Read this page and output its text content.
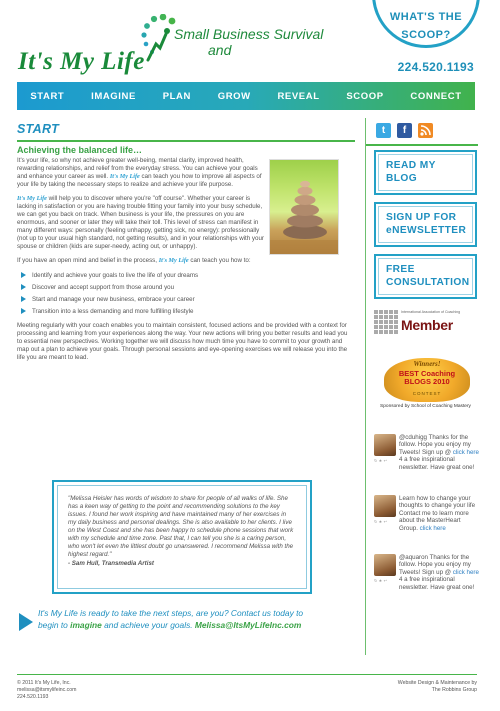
It's My Life
Small Business Survival
and
WHAT'S THE SCOOP?
224.520.1193
START	IMAGINE	PLAN	GROW	REVEAL	SCOOP	CONNECT
START
Achieving the balanced life…

It's your life, so why not achieve greater well-being, mental clarity, improved health, rewarding relationships, and relief from the everyday stress. You can achieve your goals and enhance your career as well. It's My Life can teach you how to improve all aspects of your life by taking the necessary steps to realize and achieve your life purpose.

It's My Life will help you to discover where you're "off course". Whether your career is lacking in satisfaction or you are having trouble fitting your family into your busy schedule, we can get you back on track. When business is your life, the pressures on you are enormous, and sooner or later they will take their toll. This level of stress can manifest in many different ways: personally (feeling unhappy, getting sick, no energy): professionally (not up to your usual high standard, not getting results), and in your relationships with your spouse or children (kids are super-needy, acting out, or unhappy).

If you have an open mind and belief in the process, It's My Life can teach you how to:

Identify and achieve your goals to live the life of your dreams
Discover and accept support from those around you
Start and manage your new business, embrace your career
Transition into a less demanding and more fulfilling lifestyle

Meeting regularly with your coach enables you to maintain consistent, focused actions and be provided with a context for processing and learning from your experiences along the way. Your new actions will bring you better results and lead you to essential new perspectives. Working together we will discuss how much time you have to commit to your growth and map out a plan to achieve your goals. Through personal sessions and eye-opening exercises we will release you into the life you are meant to lead.

"Melissa Heisler has words of wisdom to share for people of all walks of life. She has a keen way of getting to the point and recommending solutions to the key issues. I found her work inspiring and have maintained many of her exercises in my daily business and personal dealings. She is also available to her clients. I live on the West Coast and she has been happy to schedule phone sessions that work with my schedule and time zone. Past that, I can tell you she is a caring person, who won't let even the littlest doubt go unanswered. I recommend Melissa with the highest regard."
- Sam Hull, Transmedia Artist
It's My Life is ready to take the next steps, are you? Contact us today to
begin to imagine and achieve your goals. Melissa@ItsMyLifeInc.com
t	f
READ MY BLOG
SIGN UP FOR eNEWSLETTER
FREE CONSULTATION
International Association of Coaching
Member
Winners!
BEST Coaching BLOGS 2010
CONTEST
Sponsored by School of Coaching Mastery
↻ ★ ↩
@cduhigg Thanks for the follow. Hope you enjoy my Tweets! Sign up @ click here 4 a free inspirational newsletter. Have great one!
↻ ★ ↩
Learn how to change your thoughts to change your life Contact me to learn more about the MasterHeart Group. click here
↻ ★ ↩
@aquaron Thanks for the follow. Hope you enjoy my Tweets! Sign up @ click here 4 a free inspirational newsletter. Have great one!
© 2011 It's My Life, Inc.
melissa@itsmylifeinc.com
224.520.1193
Website Design & Maintenance by
The Robbins Group
